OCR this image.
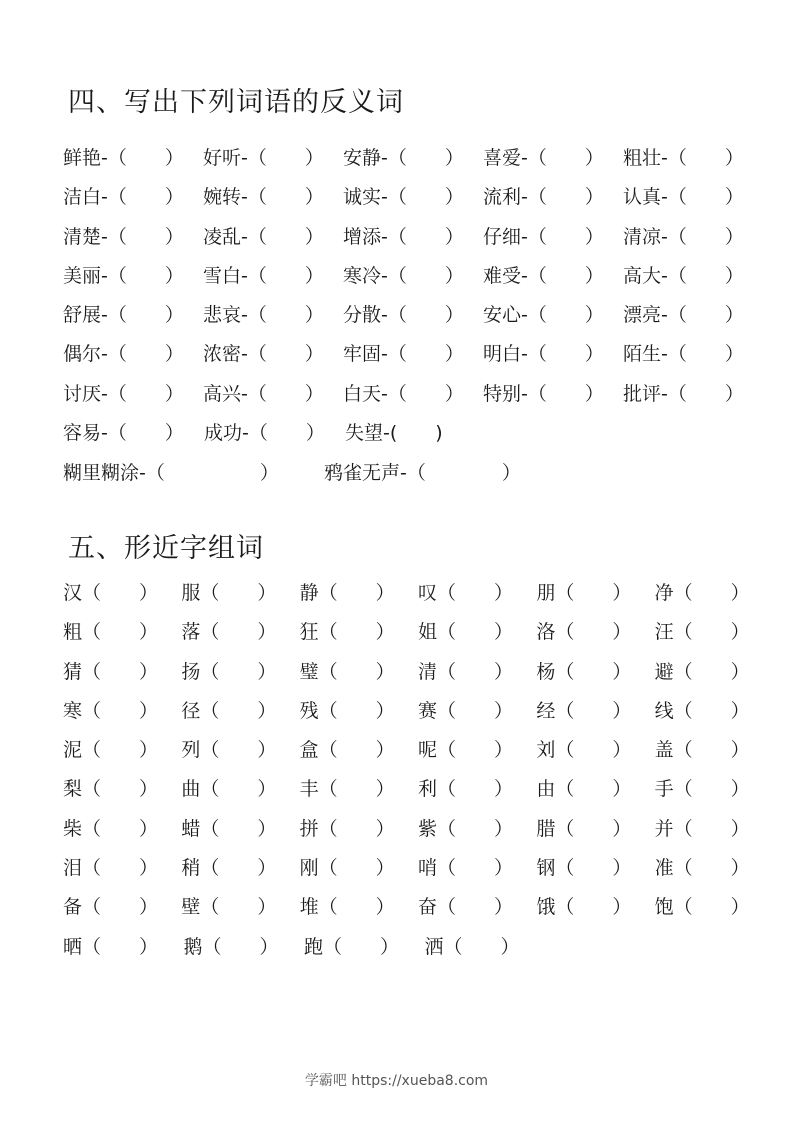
四、写出下列词语的反义词
鲜艳-（　　）	好听-（　　）	安静-（　　）	喜爱-（　　）	粗壮-（　　）
洁白-（　　）	婉转-（　　）	诚实-（　　）	流利-（　　）	认真-（　　）
清楚-（　　）	凌乱-（　　）	增添-（　　）	仔细-（　　）	清凉-（　　）
美丽-（　　）	雪白-（　　）	寒冷-（　　）	难受-（　　）	高大-（　　）
舒展-（　　）	悲哀-（　　）	分散-（　　）	安心-（　　）	漂亮-（　　）
偶尔-（　　）	浓密-（　　）	牢固-（　　）	明白-（　　）	陌生-（　　）
讨厌-（　　）	高兴-（　　）	白天-（　　）	特别-（　　）	批评-（　　）
容易-（　　）	成功-（　　）	失望-(　　)
糊里糊涂-（　　　　　）	鸦雀无声-（　　　　）
五、形近字组词
汉（　　）	服（　　）	静（　　）	叹（　　）	朋（　　）	净（　　）
粗（　　）	落（　　）	狂（　　）	姐（　　）	洛（　　）	汪（　　）
猜（　　）	扬（　　）	璧（　　）	清（　　）	杨（　　）	避（　　）
寒（　　）	径（　　）	残（　　）	赛（　　）	经（　　）	线（　　）
泥（　　）	列（　　）	盒（　　）	呢（　　）	刘（　　）	盖（　　）
梨（　　）	曲（　　）	丰（　　）	利（　　）	由（　　）	手（　　）
柴（　　）	蜡（　　）	拼（　　）	紫（　　）	腊（　　）	并（　　）
泪（　　）	稍（　　）	刚（　　）	哨（　　）	钢（　　）	准（　　）
备（　　）	壁（　　）	堆（　　）	奋（　　）	饿（　　）	饱（　　）
晒（　　）	鹅（　　）	跑（　　）	洒（　　）
学霸吧 https://xueba8.com
